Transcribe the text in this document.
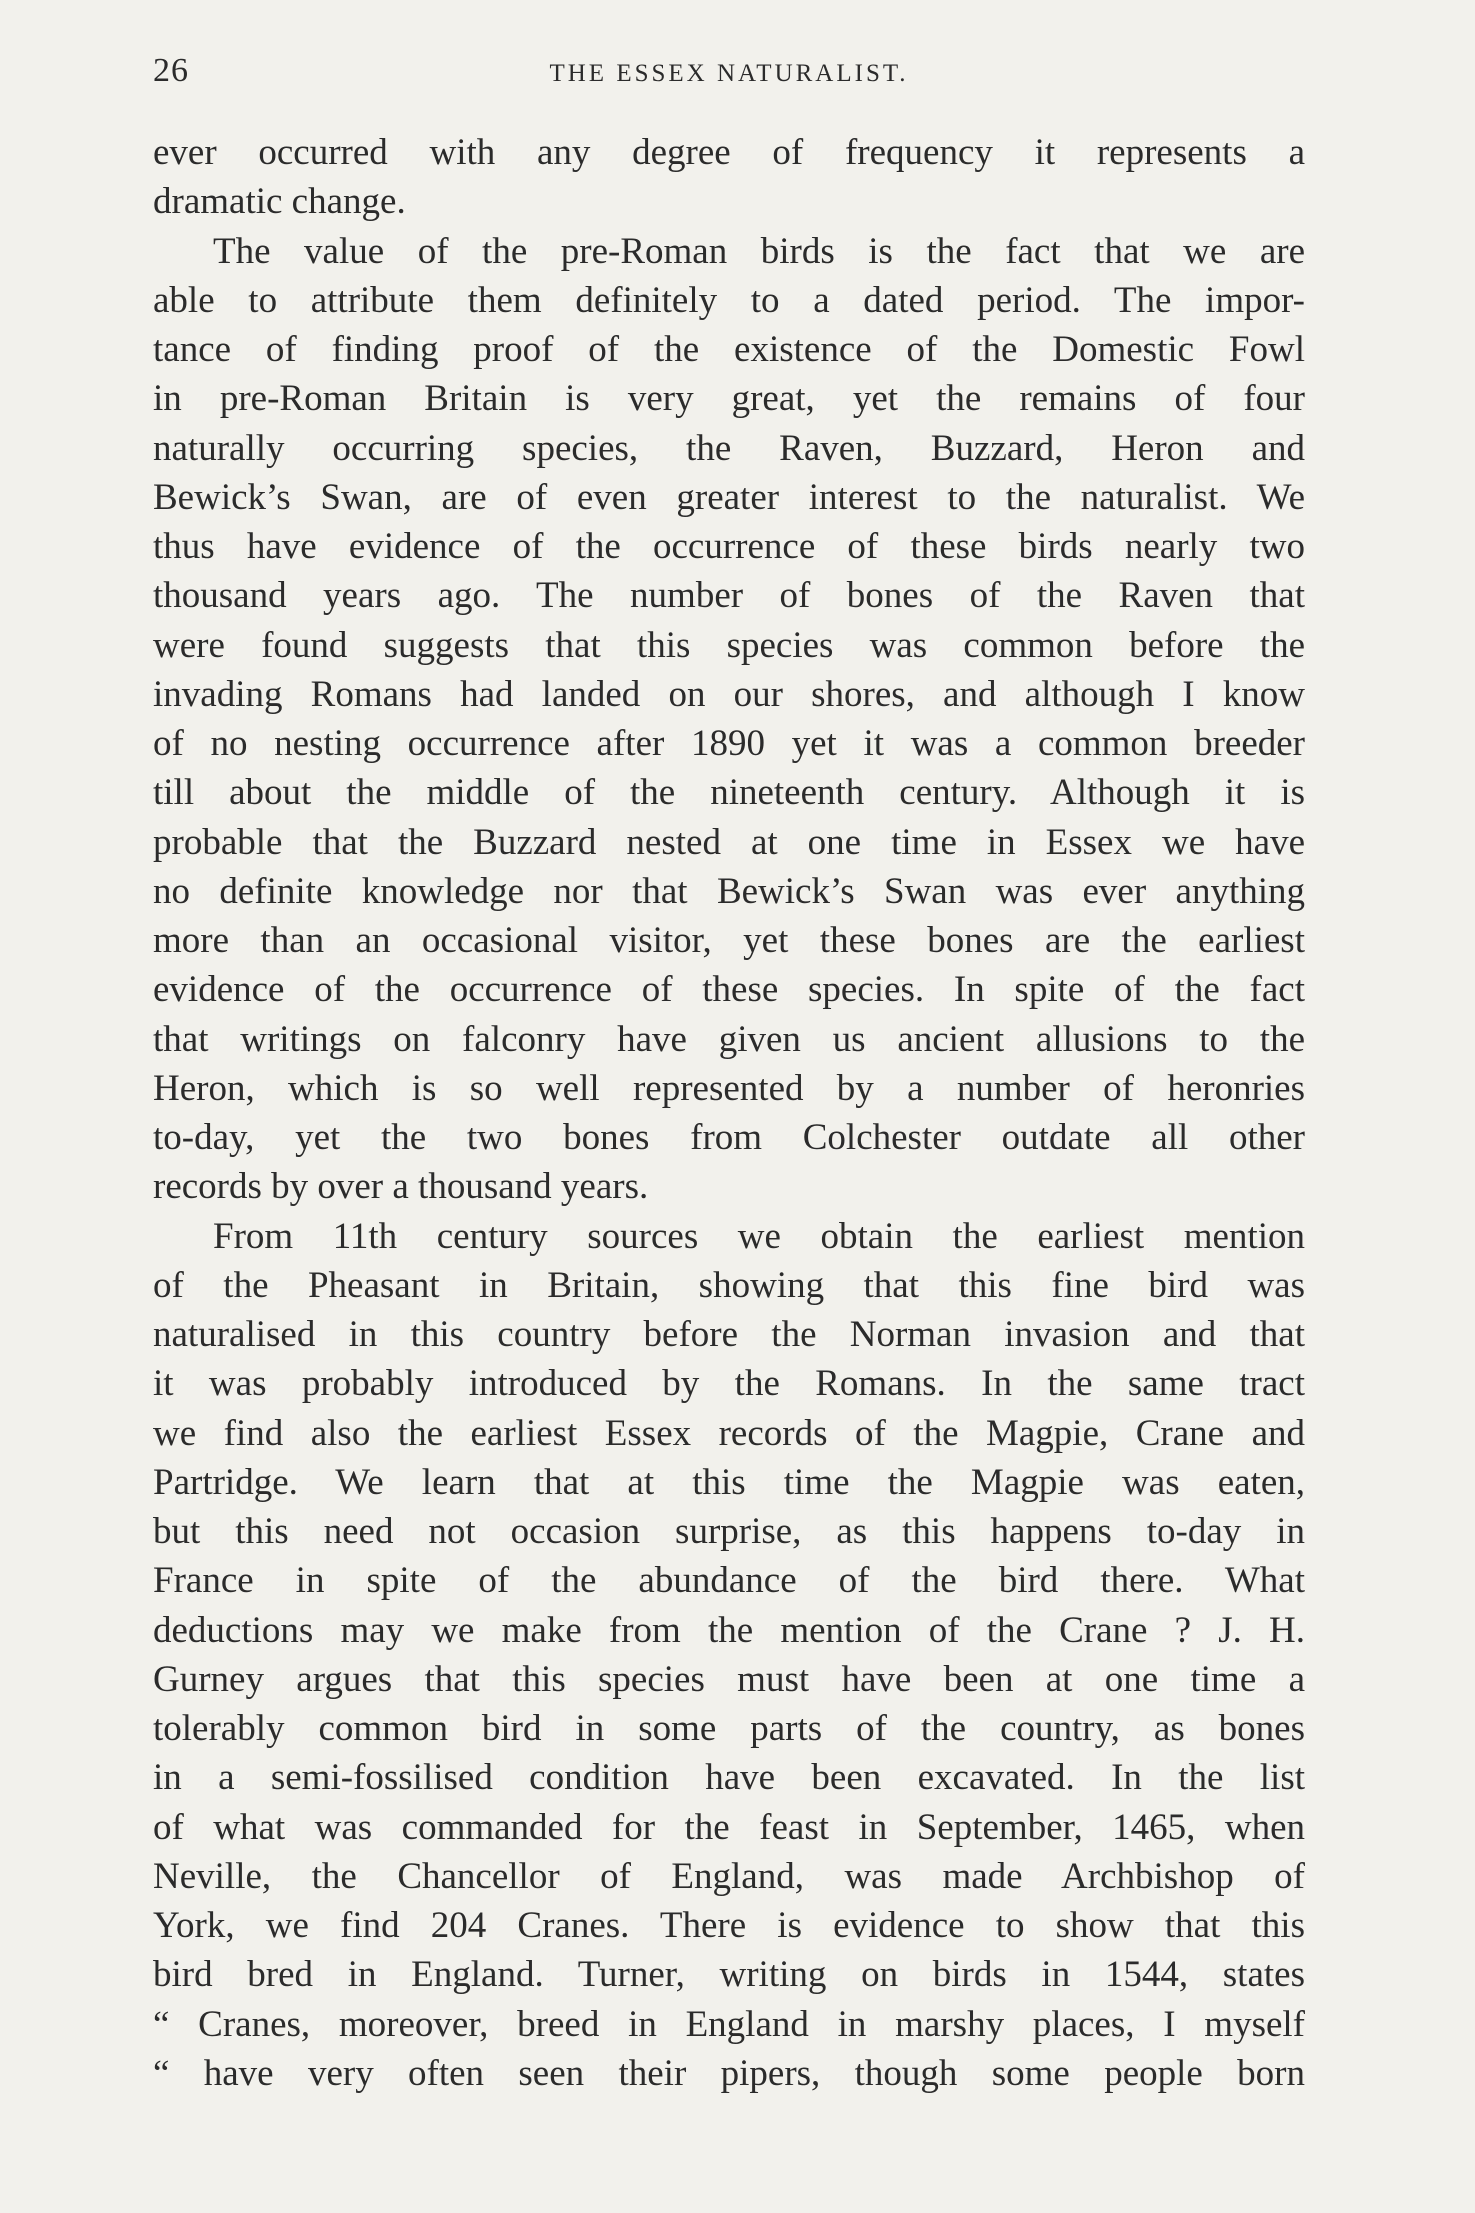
26	THE ESSEX NATURALIST.
ever occurred with any degree of frequency it represents a
dramatic change.
The value of the pre-Roman birds is the fact that we are
able to attribute them definitely to a dated period. The impor-
tance of finding proof of the existence of the Domestic Fowl
in pre-Roman Britain is very great, yet the remains of four
naturally occurring species, the Raven, Buzzard, Heron and
Bewick’s Swan, are of even greater interest to the naturalist. We
thus have evidence of the occurrence of these birds nearly two
thousand years ago. The number of bones of the Raven that
were found suggests that this species was common before the
invading Romans had landed on our shores, and although I know
of no nesting occurrence after 1890 yet it was a common breeder
till about the middle of the nineteenth century. Although it is
probable that the Buzzard nested at one time in Essex we have
no definite knowledge nor that Bewick’s Swan was ever anything
more than an occasional visitor, yet these bones are the earliest
evidence of the occurrence of these species. In spite of the fact
that writings on falconry have given us ancient allusions to the
Heron, which is so well represented by a number of heronries
to-day, yet the two bones from Colchester outdate all other
records by over a thousand years.
From 11th century sources we obtain the earliest mention
of the Pheasant in Britain, showing that this fine bird was
naturalised in this country before the Norman invasion and that
it was probably introduced by the Romans. In the same tract
we find also the earliest Essex records of the Magpie, Crane and
Partridge. We learn that at this time the Magpie was eaten,
but this need not occasion surprise, as this happens to-day in
France in spite of the abundance of the bird there. What
deductions may we make from the mention of the Crane ? J. H.
Gurney argues that this species must have been at one time a
tolerably common bird in some parts of the country, as bones
in a semi-fossilised condition have been excavated. In the list
of what was commanded for the feast in September, 1465, when
Neville, the Chancellor of England, was made Archbishop of
York, we find 204 Cranes. There is evidence to show that this
bird bred in England. Turner, writing on birds in 1544, states
“ Cranes, moreover, breed in England in marshy places, I myself
“ have very often seen their pipers, though some people born
